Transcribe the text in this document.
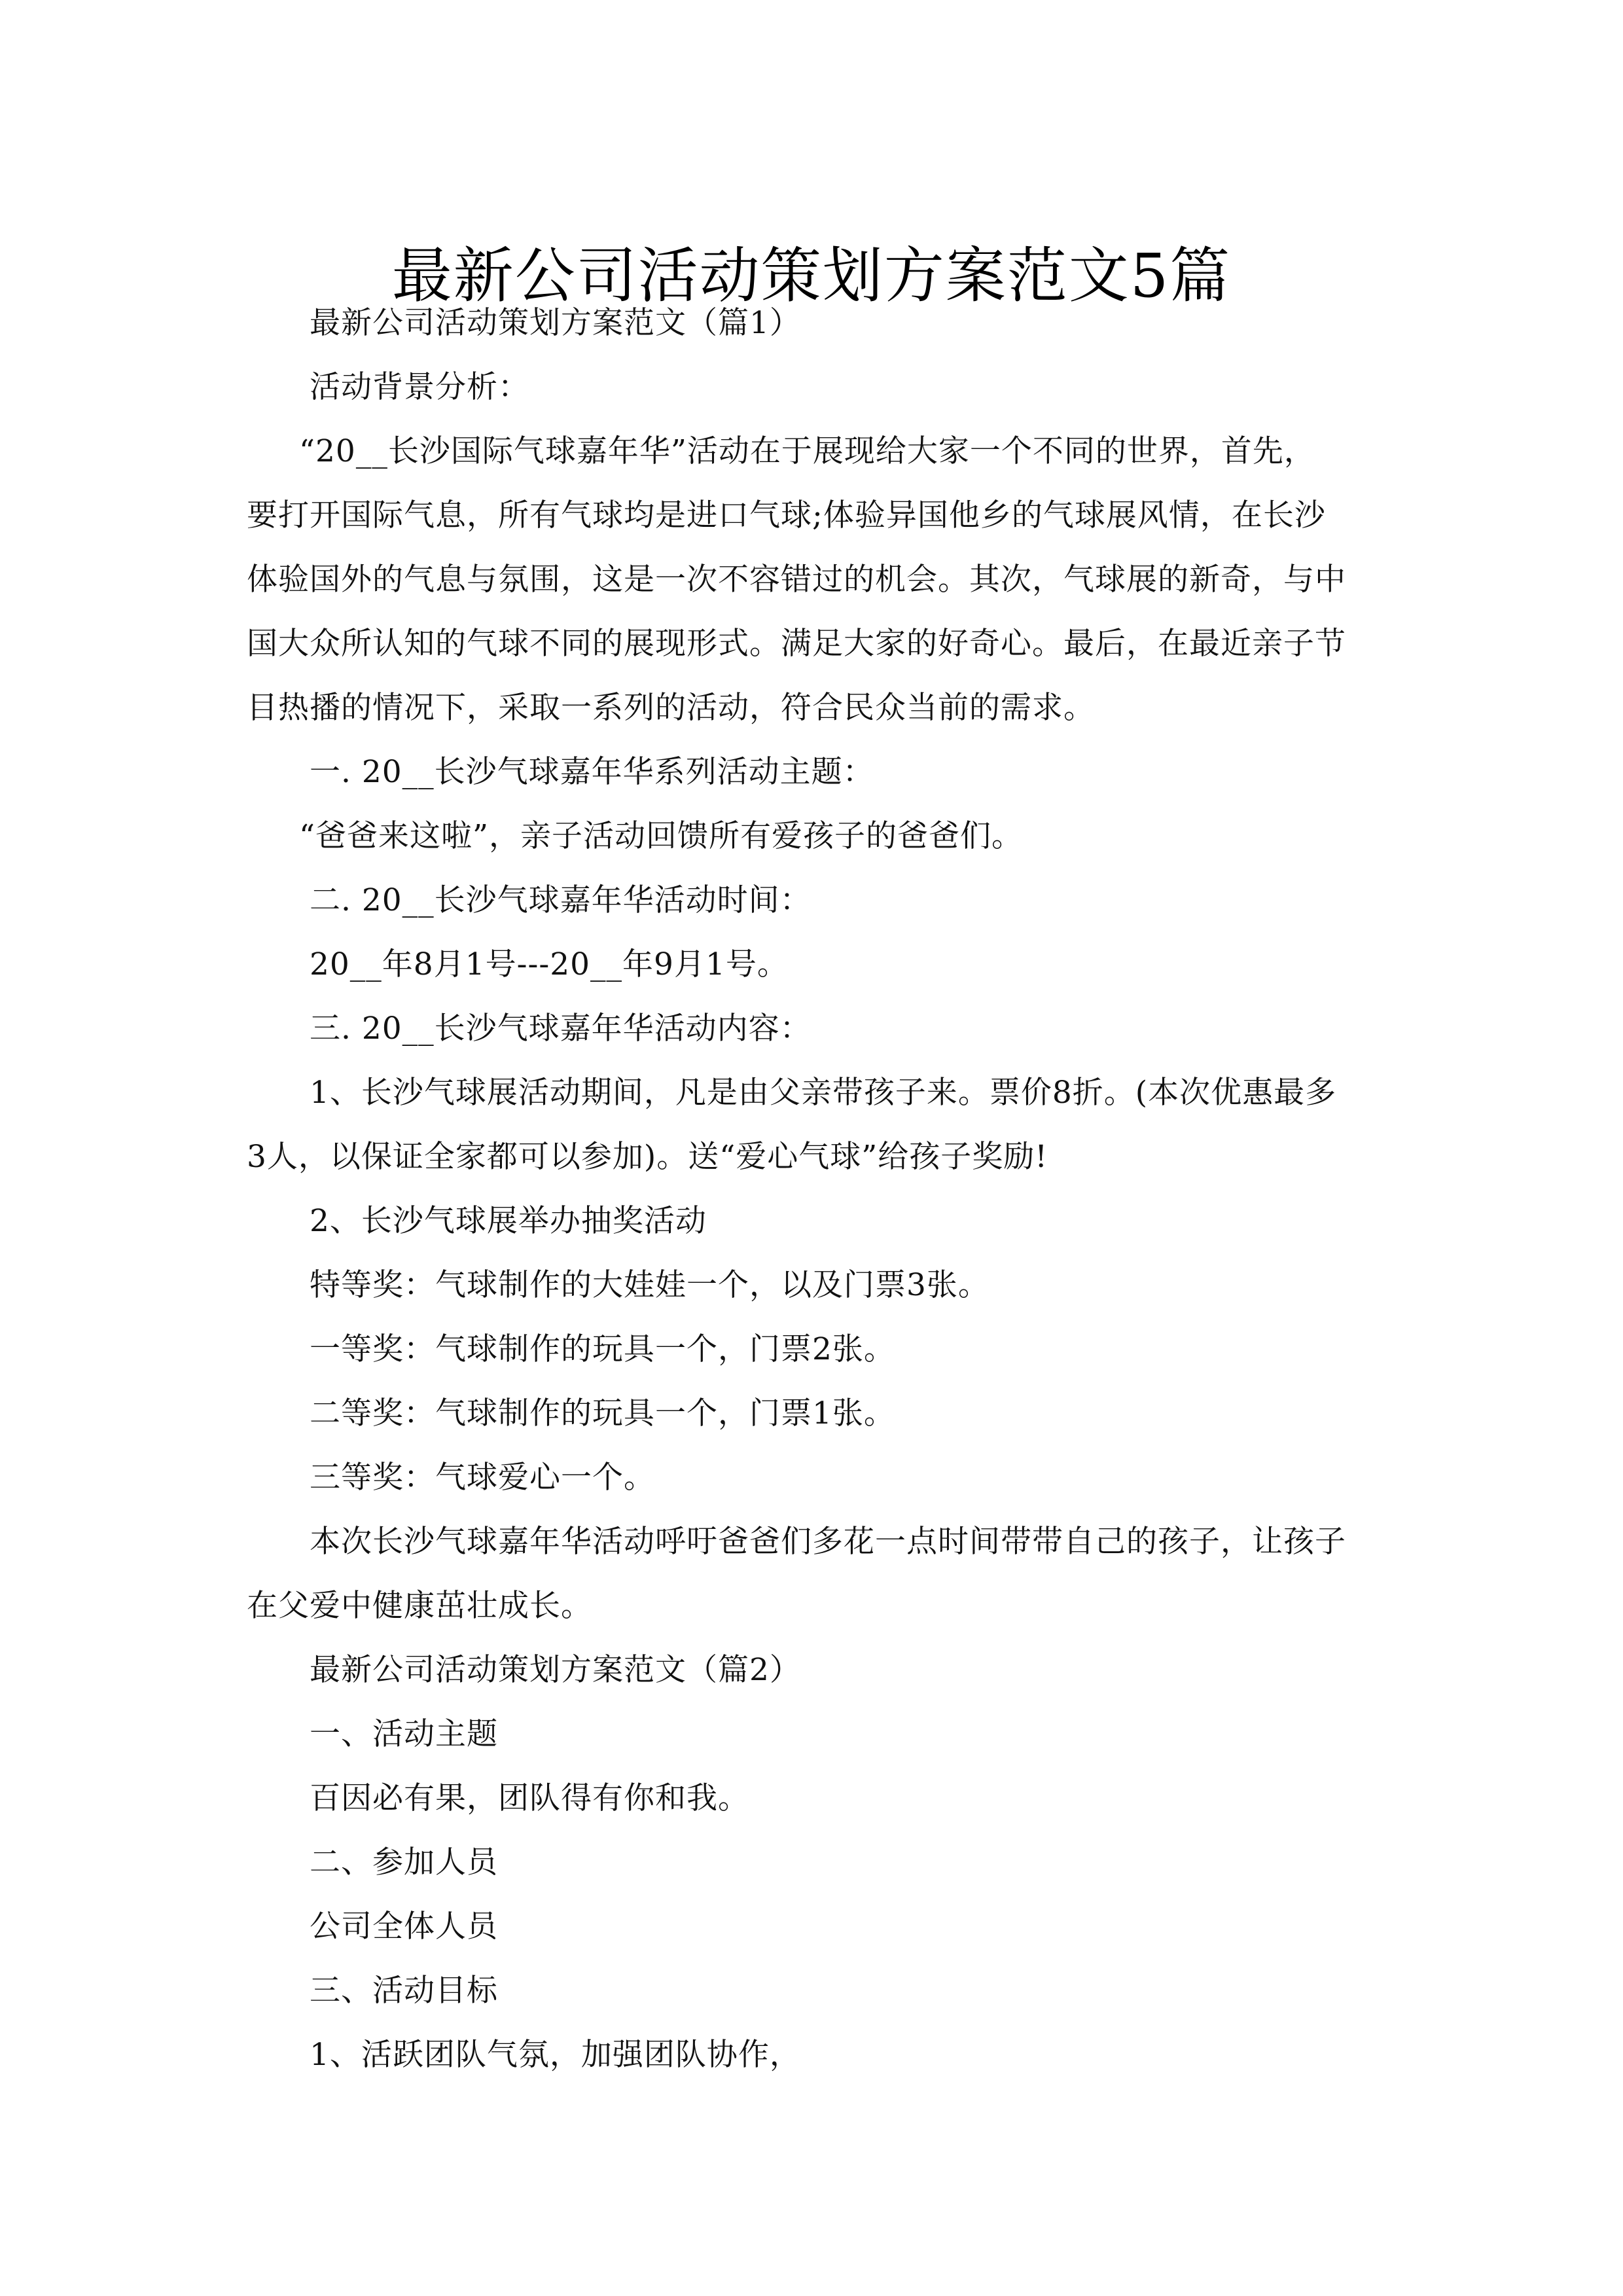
最新公司活动策划方案范文5篇
最新公司活动策划方案范文（篇1）
活动背景分析：
“20__长沙国际气球嘉年华”活动在于展现给大家一个不同的世界，首先，
要打开国际气息，所有气球均是进口气球;体验异国他乡的气球展风情，在长沙
体验国外的气息与氛围，这是一次不容错过的机会。其次，气球展的新奇，与中
国大众所认知的气球不同的展现形式。满足大家的好奇心。最后，在最近亲子节
目热播的情况下，采取一系列的活动，符合民众当前的需求。
一. 20__长沙气球嘉年华系列活动主题：
“爸爸来这啦”，亲子活动回馈所有爱孩子的爸爸们。
二. 20__长沙气球嘉年华活动时间：
20__年8月1号---20__年9月1号。
三. 20__长沙气球嘉年华活动内容：
1、长沙气球展活动期间，凡是由父亲带孩子来。票价8折。(本次优惠最多
3人，以保证全家都可以参加)。送“爱心气球”给孩子奖励!
2、长沙气球展举办抽奖活动
特等奖：气球制作的大娃娃一个，以及门票3张。
一等奖：气球制作的玩具一个，门票2张。
二等奖：气球制作的玩具一个，门票1张。
三等奖：气球爱心一个。
本次长沙气球嘉年华活动呼吁爸爸们多花一点时间带带自己的孩子，让孩子
在父爱中健康茁壮成长。
最新公司活动策划方案范文（篇2）
一、活动主题
百因必有果，团队得有你和我。
二、参加人员
公司全体人员
三、活动目标
1、活跃团队气氛，加强团队协作，
